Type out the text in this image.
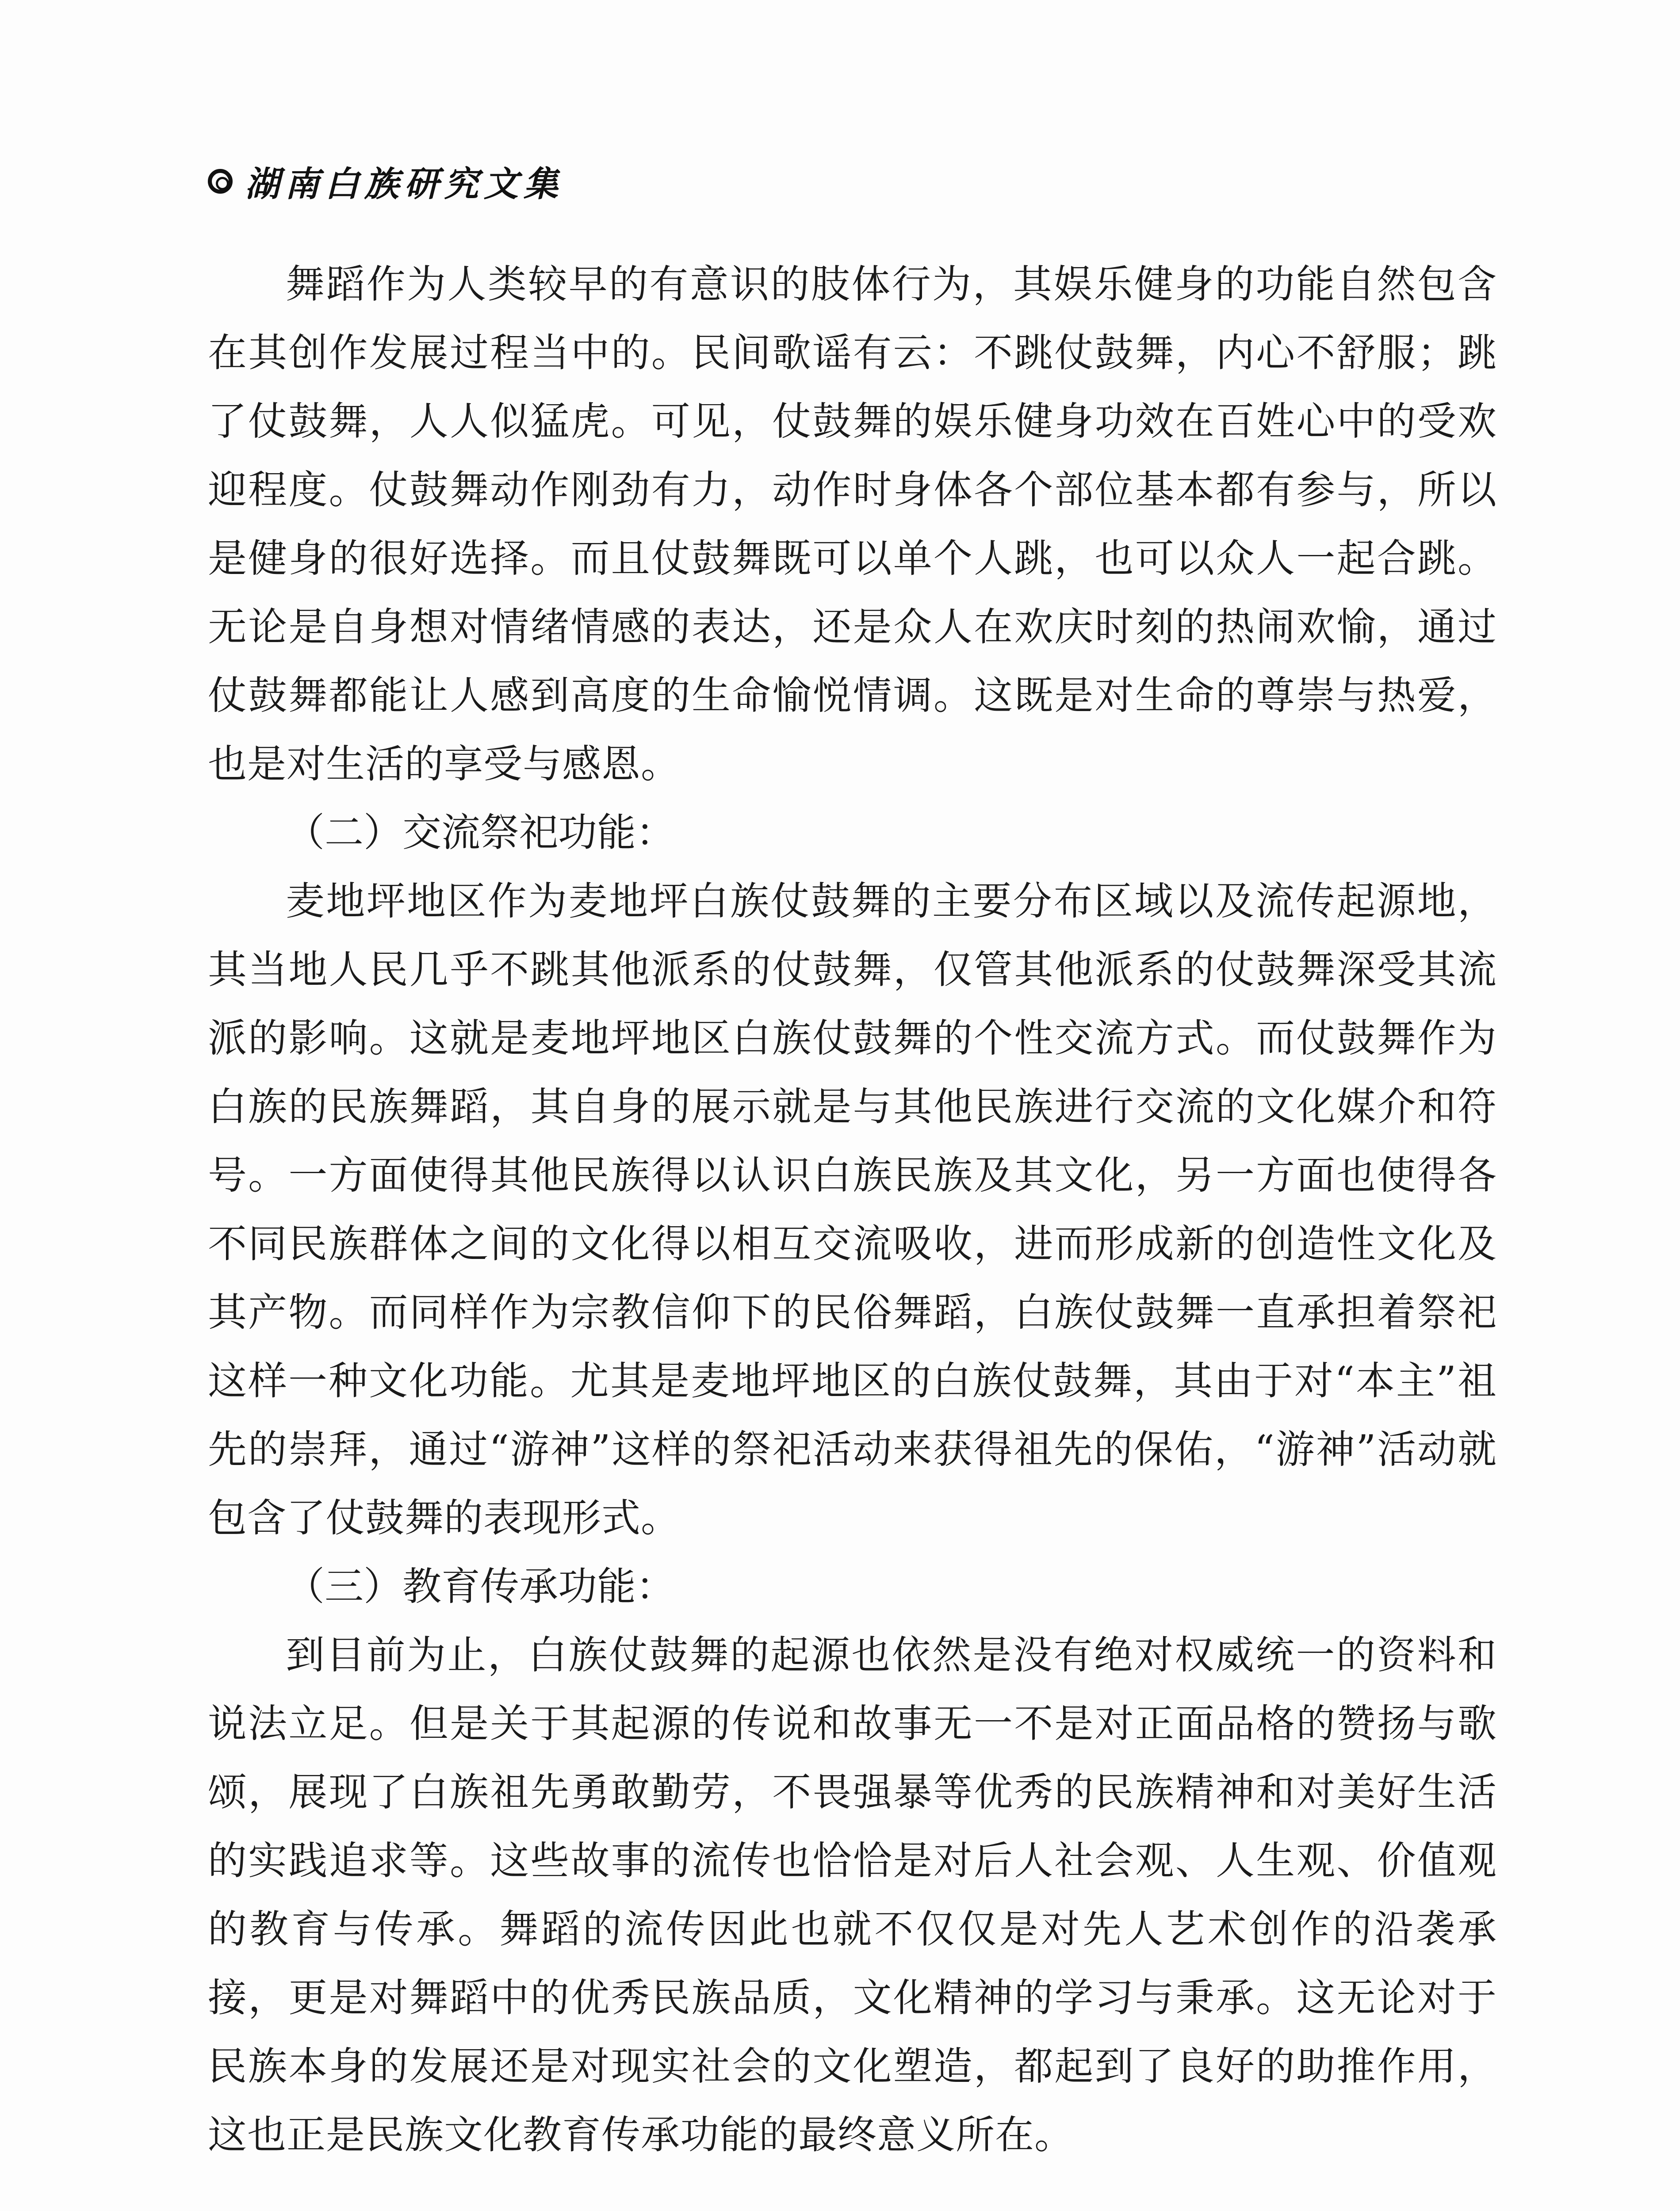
湖南白族研究文集

舞蹈作为人类较早的有意识的肢体行为，其娱乐健身的功能自然包含在其创作发展过程当中的。民间歌谣有云：不跳仗鼓舞，内心不舒服；跳了仗鼓舞，人人似猛虎。可见，仗鼓舞的娱乐健身功效在百姓心中的受欢迎程度。仗鼓舞动作刚劲有力，动作时身体各个部位基本都有参与，所以是健身的很好选择。而且仗鼓舞既可以单个人跳，也可以众人一起合跳。无论是自身想对情绪情感的表达，还是众人在欢庆时刻的热闹欢愉，通过仗鼓舞都能让人感到高度的生命愉悦情调。这既是对生命的尊崇与热爱，也是对生活的享受与感恩。

（二）交流祭祀功能：

麦地坪地区作为麦地坪白族仗鼓舞的主要分布区域以及流传起源地，其当地人民几乎不跳其他派系的仗鼓舞，仅管其他派系的仗鼓舞深受其流派的影响。这就是麦地坪地区白族仗鼓舞的个性交流方式。而仗鼓舞作为白族的民族舞蹈，其自身的展示就是与其他民族进行交流的文化媒介和符号。一方面使得其他民族得以认识白族民族及其文化，另一方面也使得各不同民族群体之间的文化得以相互交流吸收，进而形成新的创造性文化及其产物。而同样作为宗教信仰下的民俗舞蹈，白族仗鼓舞一直承担着祭祀这样一种文化功能。尤其是麦地坪地区的白族仗鼓舞，其由于对“本主”祖先的崇拜，通过“游神”这样的祭祀活动来获得祖先的保佑，“游神”活动就包含了仗鼓舞的表现形式。

（三）教育传承功能：

到目前为止，白族仗鼓舞的起源也依然是没有绝对权威统一的资料和说法立足。但是关于其起源的传说和故事无一不是对正面品格的赞扬与歌颂，展现了白族祖先勇敢勤劳，不畏强暴等优秀的民族精神和对美好生活的实践追求等。这些故事的流传也恰恰是对后人社会观、人生观、价值观的教育与传承。舞蹈的流传因此也就不仅仅是对先人艺术创作的沿袭承接，更是对舞蹈中的优秀民族品质，文化精神的学习与秉承。这无论对于民族本身的发展还是对现实社会的文化塑造，都起到了良好的助推作用，这也正是民族文化教育传承功能的最终意义所在。
